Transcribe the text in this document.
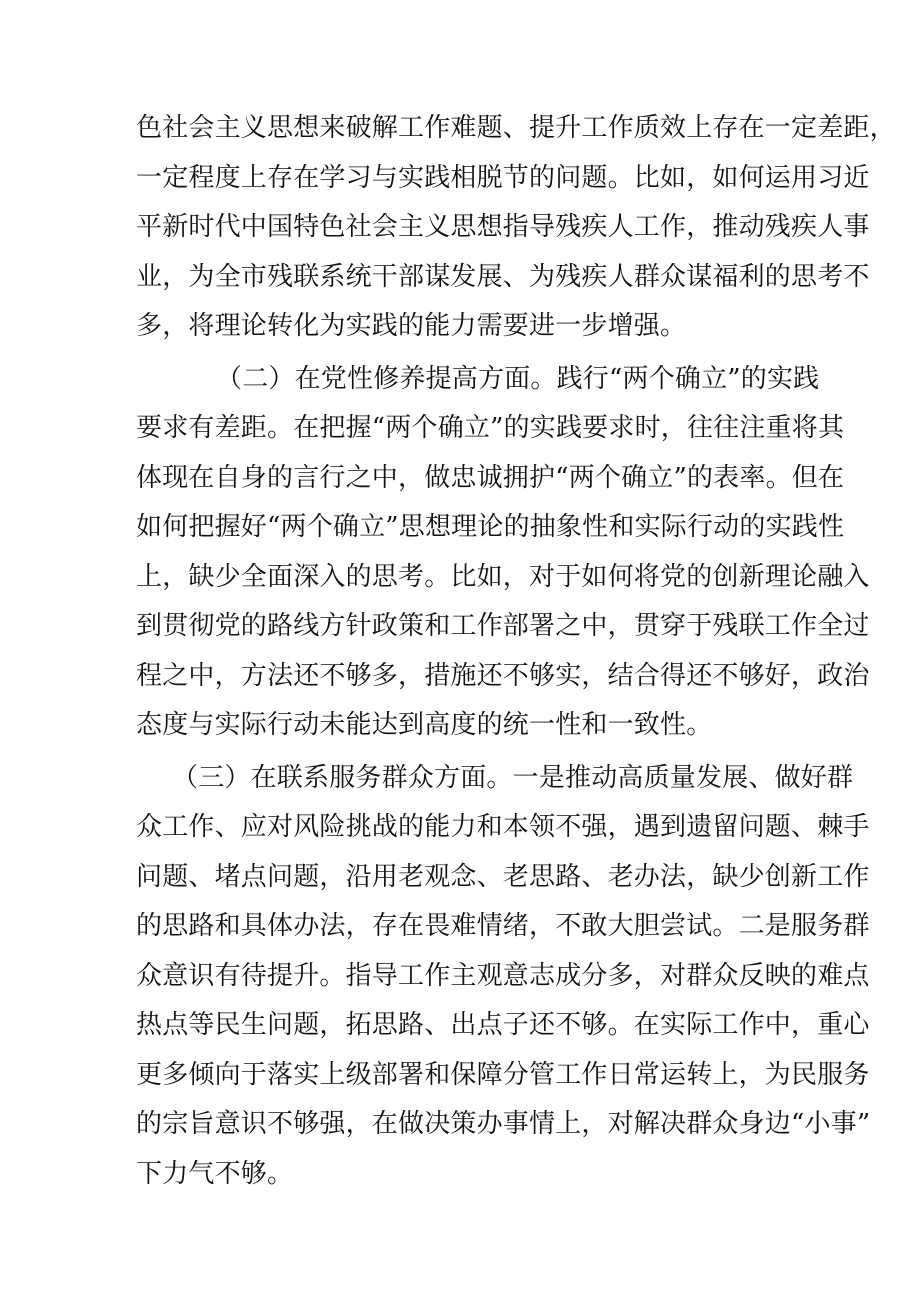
色社会主义思想来破解工作难题、提升工作质效上存在一定差距，
一定程度上存在学习与实践相脱节的问题。比如，如何运用习近
平新时代中国特色社会主义思想指导残疾人工作，推动残疾人事
业，为全市残联系统干部谋发展、为残疾人群众谋福利的思考不
多，将理论转化为实践的能力需要进一步增强。
（二）在党性修养提高方面。践行“两个确立”的实践
要求有差距。在把握“两个确立”的实践要求时，往往注重将其
体现在自身的言行之中，做忠诚拥护“两个确立”的表率。但在
如何把握好“两个确立”思想理论的抽象性和实际行动的实践性
上，缺少全面深入的思考。比如，对于如何将党的创新理论融入
到贯彻党的路线方针政策和工作部署之中，贯穿于残联工作全过
程之中，方法还不够多，措施还不够实，结合得还不够好，政治
态度与实际行动未能达到高度的统一性和一致性。
（三）在联系服务群众方面。一是推动高质量发展、做好群
众工作、应对风险挑战的能力和本领不强，遇到遗留问题、棘手
问题、堵点问题，沿用老观念、老思路、老办法，缺少创新工作
的思路和具体办法，存在畏难情绪，不敢大胆尝试。二是服务群
众意识有待提升。指导工作主观意志成分多，对群众反映的难点
热点等民生问题，拓思路、出点子还不够。在实际工作中，重心
更多倾向于落实上级部署和保障分管工作日常运转上，为民服务
的宗旨意识不够强，在做决策办事情上，对解决群众身边“小事”
下力气不够。
